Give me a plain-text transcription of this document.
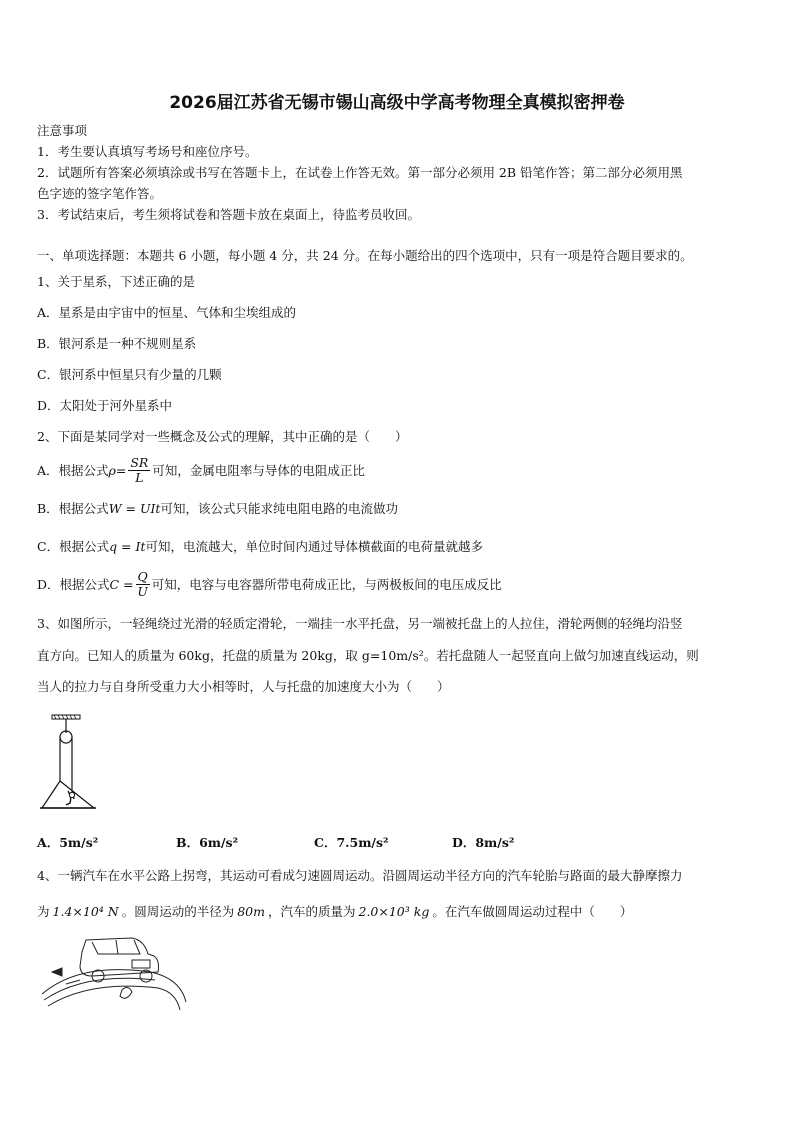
2026届江苏省无锡市锡山高级中学高考物理全真模拟密押卷
注意事项
1．考生要认真填写考场号和座位序号。
2．试题所有答案必须填涂或书写在答题卡上，在试卷上作答无效。第一部分必须用 2B 铅笔作答；第二部分必须用黑
色字迹的签字笔作答。
3．考试结束后，考生须将试卷和答题卡放在桌面上，待监考员收回。
一、单项选择题：本题共 6 小题，每小题 4 分，共 24 分。在每小题给出的四个选项中，只有一项是符合题目要求的。
1、关于星系，下述正确的是
A．星系是由宇宙中的恒星、气体和尘埃组成的
B．银河系是一种不规则星系
C．银河系中恒星只有少量的几颗
D．太阳处于河外星系中
2、下面是某同学对一些概念及公式的理解，其中正确的是（　　）
A．根据公式 $\rho= \frac{SR}{L}$ 可知，金属电阻率与导体的电阻成正比
B．根据公式W = UIt可知，该公式只能求纯电阻电路的电流做功
C．根据公式q = It可知，电流越大，单位时间内通过导体横截面的电荷量就越多
D．根据公式 $C = \frac{Q}{U}$ 可知，电容与电容器所带电荷成正比，与两极板间的电压成反比
3、如图所示，一轻绳绕过光滑的轻质定滑轮，一端挂一水平托盘，另一端被托盘上的人拉住，滑轮两侧的轻绳均沿竖
直方向。已知人的质量为 60kg，托盘的质量为 20kg，取 g=10m/s²。若托盘随人一起竖直向上做匀加速直线运动，则
当人的拉力与自身所受重力大小相等时，人与托盘的加速度大小为（　　）
A．5m/s²	B．6m/s²	C．7.5m/s²	D．8m/s²
4、一辆汽车在水平公路上拐弯，其运动可看成匀速圆周运动。沿圆周运动半径方向的汽车轮胎与路面的最大静摩擦力
为 1.4×10⁴ N 。圆周运动的半径为 80m ，汽车的质量为 2.0×10³ kg 。在汽车做圆周运动过程中（　　）
